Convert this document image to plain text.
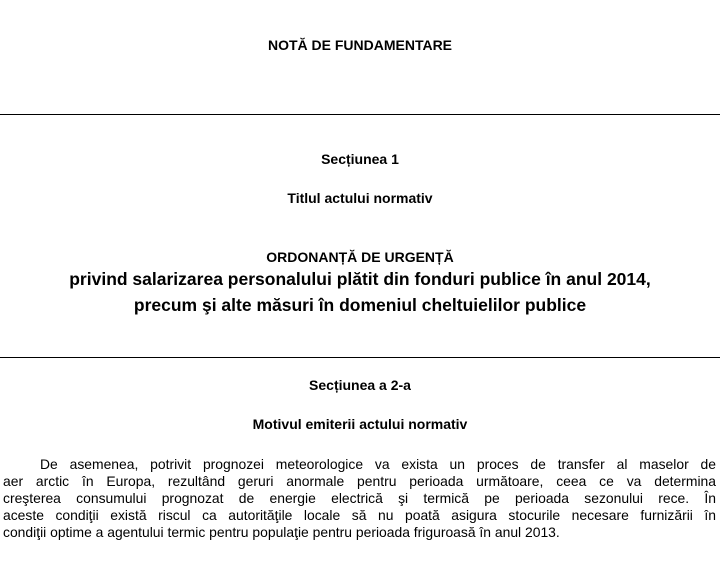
NOTĂ DE FUNDAMENTARE
Secțiunea 1
Titlul actului normativ
ORDONANȚĂ DE URGENȚĂ
privind salarizarea personalului plătit din fonduri publice în anul 2014,
precum şi alte măsuri în domeniul cheltuielilor publice
Secțiunea a 2-a
Motivul emiterii actului normativ
De asemenea, potrivit prognozei meteorologice va exista un proces de transfer al maselor de
aer arctic în Europa, rezultând geruri anormale pentru perioada următoare, ceea ce va determina
creşterea consumului prognozat de energie electrică şi termică pe perioada sezonului rece. În
aceste condiţii există riscul ca autorităţile locale să nu poată asigura stocurile necesare furnizării în
condiţii optime a agentului termic pentru populaţie pentru perioada friguroasă în anul 2013.
